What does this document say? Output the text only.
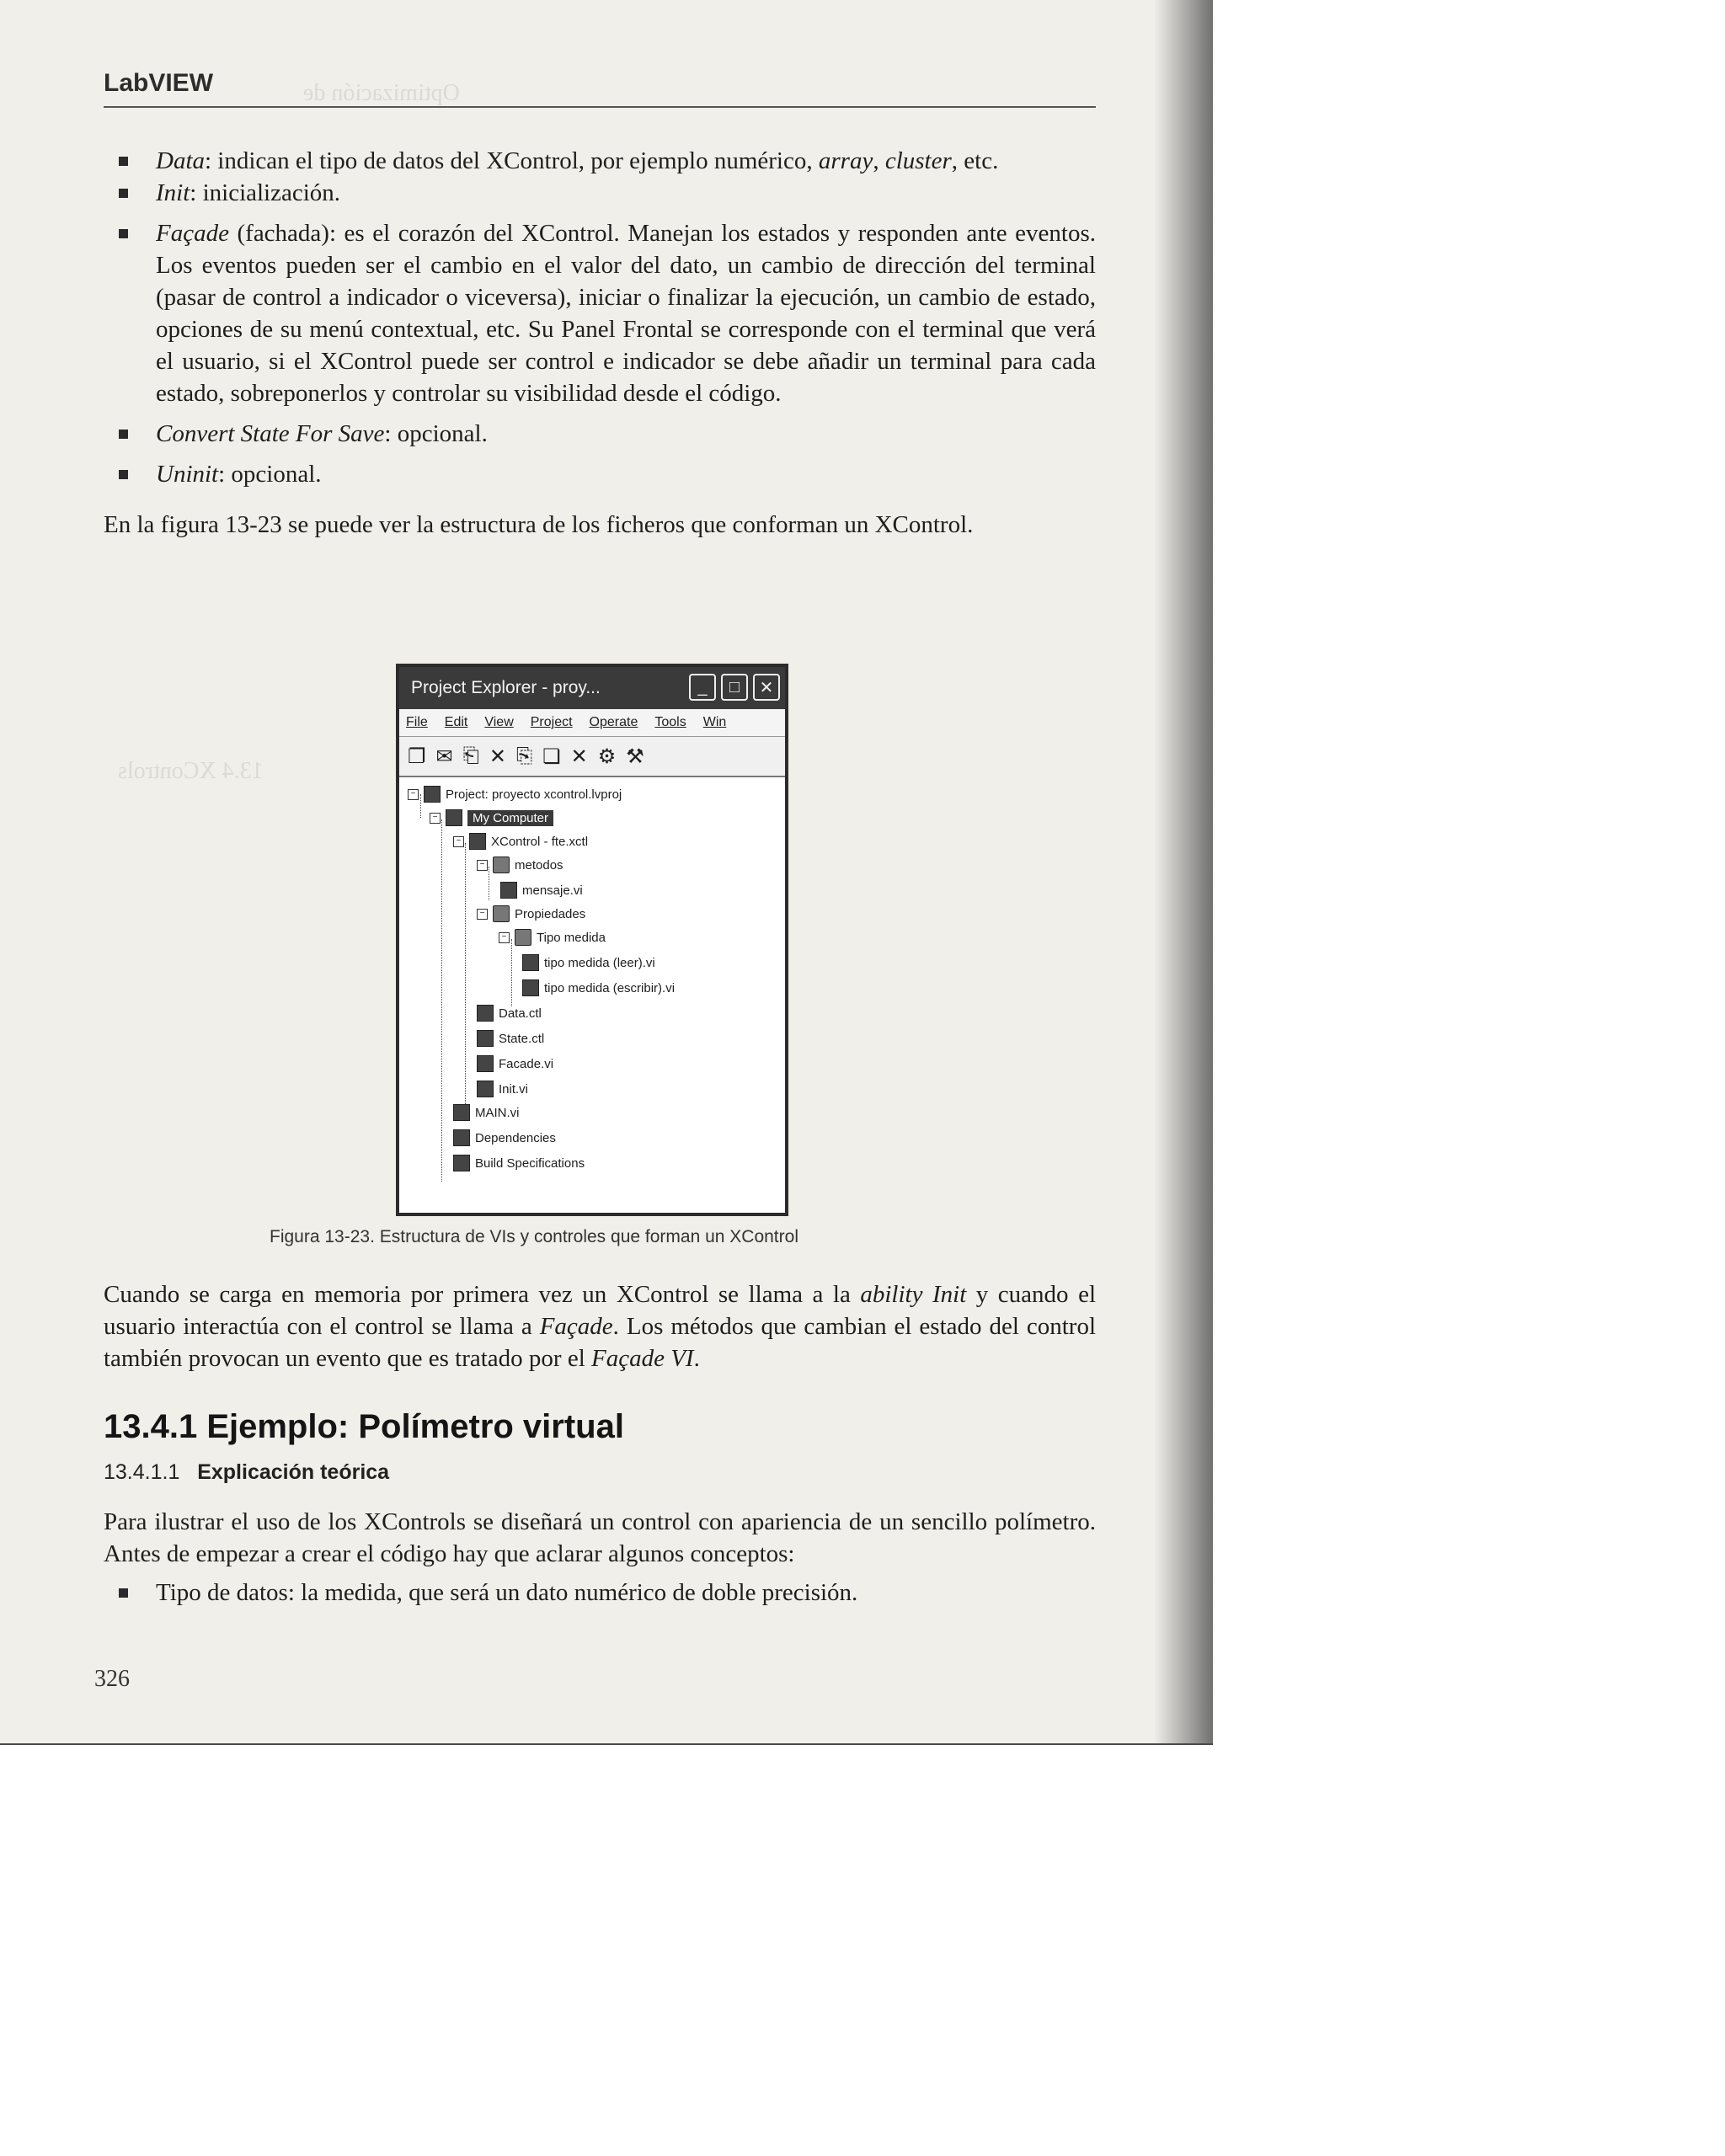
Optimización de
13.4 XControls
LabVIEW

Data: indican el tipo de datos del XControl, por ejemplo numérico, array, cluster, etc.

Init: inicialización.

Façade (fachada): es el corazón del XControl. Manejan los estados y responden ante eventos. Los eventos pueden ser el cambio en el valor del dato, un cambio de dirección del terminal (pasar de control a indicador o viceversa), iniciar o finalizar la ejecución, un cambio de estado, opciones de su menú contextual, etc. Su Panel Frontal se corresponde con el terminal que verá el usuario, si el XControl puede ser control e indicador se debe añadir un terminal para cada estado, sobreponerlos y controlar su visibilidad desde el código.

Convert State For Save: opcional.

Uninit: opcional.

En la figura 13-23 se puede ver la estructura de los ficheros que conforman un XControl.

Project Explorer - proy...	_	□	✕
File Edit View Project Operate Tools Win
❐ ✉ ⎗ ✕ ⎘ ❏ ✕ ⚙ ⚒
− Project: proyecto xcontrol.lvproj
−	My Computer
− XControl - fte.xctl
− metodos
mensaje.vi
− Propiedades
− Tipo medida
tipo medida (leer).vi
tipo medida (escribir).vi
Data.ctl
State.ctl
Facade.vi
Init.vi
MAIN.vi
Dependencies
Build Specifications
Figura 13-23. Estructura de VIs y controles que forman un XControl

Cuando se carga en memoria por primera vez un XControl se llama a la ability Init y cuando el usuario interactúa con el control se llama a Façade. Los métodos que cambian el estado del control también provocan un evento que es tratado por el Façade VI.

13.4.1 Ejemplo: Polímetro virtual
13.4.1.1 Explicación teórica

Para ilustrar el uso de los XControls se diseñará un control con apariencia de un sencillo polímetro. Antes de empezar a crear el código hay que aclarar algunos conceptos:

Tipo de datos: la medida, que será un dato numérico de doble precisión.

326
